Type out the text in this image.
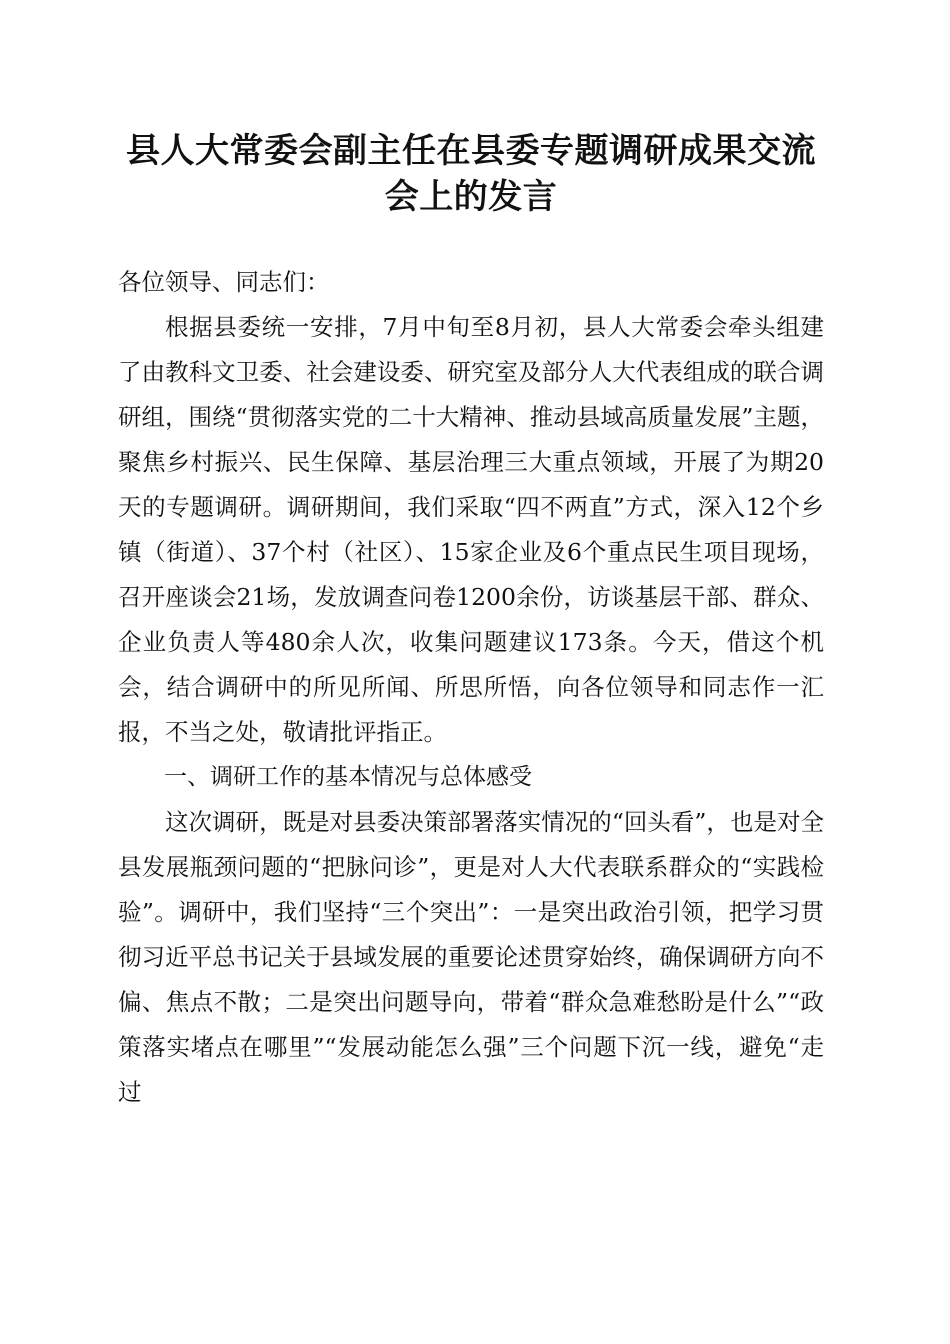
县人大常委会副主任在县委专题调研成果交流会上的发言

各位领导、同志们：

根据县委统一安排，7月中旬至8月初，县人大常委会牵头组建了由教科文卫委、社会建设委、研究室及部分人大代表组成的联合调研组，围绕“贯彻落实党的二十大精神、推动县域高质量发展”主题，聚焦乡村振兴、民生保障、基层治理三大重点领域，开展了为期20天的专题调研。调研期间，我们采取“四不两直”方式，深入12个乡镇（街道）、37个村（社区）、15家企业及6个重点民生项目现场，召开座谈会21场，发放调查问卷1200余份，访谈基层干部、群众、企业负责人等480余人次，收集问题建议173条。今天，借这个机会，结合调研中的所见所闻、所思所悟，向各位领导和同志作一汇报，不当之处，敬请批评指正。

一、调研工作的基本情况与总体感受

这次调研，既是对县委决策部署落实情况的“回头看”，也是对全县发展瓶颈问题的“把脉问诊”，更是对人大代表联系群众的“实践检验”。调研中，我们坚持“三个突出”：一是突出政治引领，把学习贯彻习近平总书记关于县域发展的重要论述贯穿始终，确保调研方向不偏、焦点不散；二是突出问题导向，带着“群众急难愁盼是什么”“政策落实堵点在哪里”“发展动能怎么强”三个问题下沉一线，避免“走过
